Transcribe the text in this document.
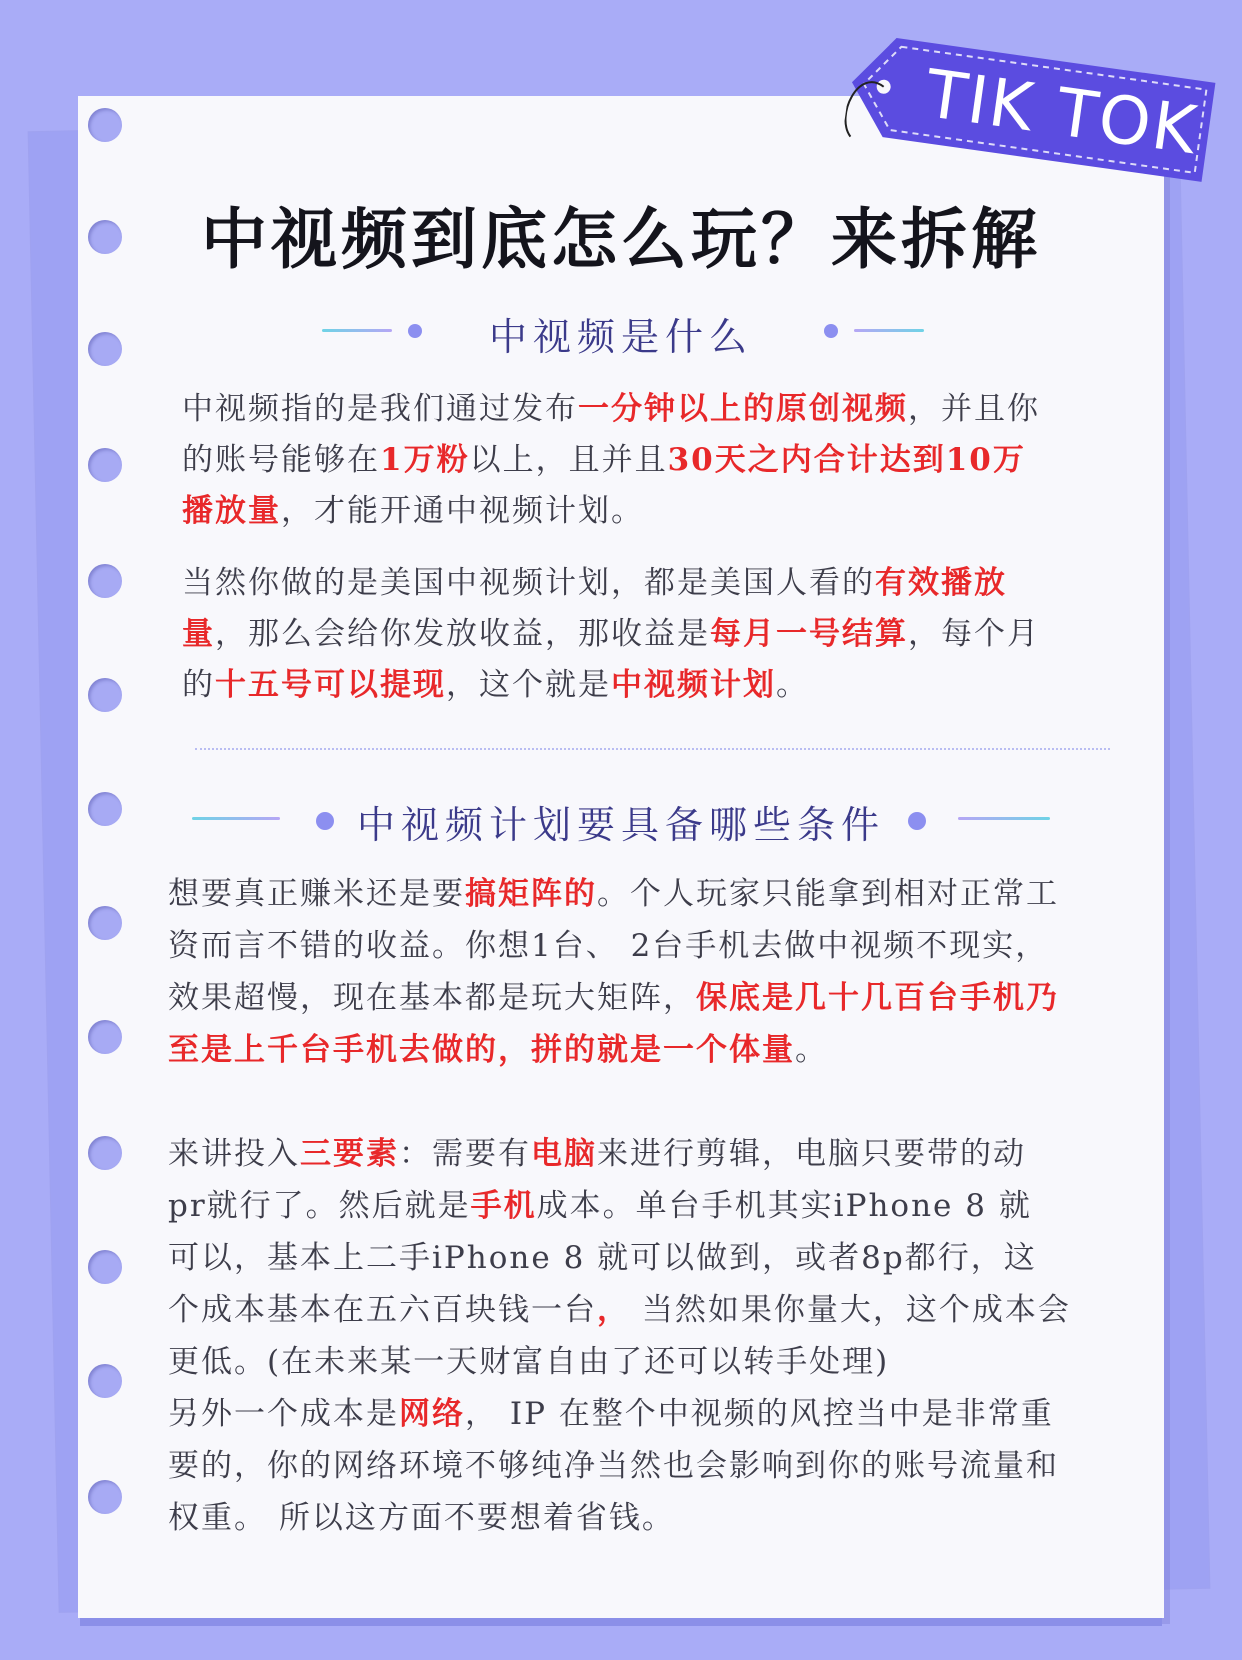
TIK TOK
中视频到底怎么玩？来拆解
中视频是什么

中视频指的是我们通过发布一分钟以上的原创视频，并且你
的账号能够在1万粉以上，且并且30天之内合计达到10万
播放量，才能开通中视频计划。

当然你做的是美国中视频计划，都是美国人看的有效播放
量，那么会给你发放收益，那收益是每月一号结算，每个月
的十五号可以提现，这个就是中视频计划。

中视频计划要具备哪些条件

想要真正赚米还是要搞矩阵的。个人玩家只能拿到相对正常工
资而言不错的收益。你想1台、 2台手机去做中视频不现实，
效果超慢，现在基本都是玩大矩阵，保底是几十几百台手机乃
至是上千台手机去做的，拼的就是一个体量。

来讲投入三要素：需要有电脑来进行剪辑，电脑只要带的动
pr就行了。然后就是手机成本。单台手机其实iPhone 8 就
可以，基本上二手iPhone 8 就可以做到，或者8p都行，这
个成本基本在五六百块钱一台， 当然如果你量大，这个成本会
更低。(在未来某一天财富自由了还可以转手处理)
另外一个成本是网络， IP 在整个中视频的风控当中是非常重
要的，你的网络环境不够纯净当然也会影响到你的账号流量和
权重。 所以这方面不要想着省钱。
